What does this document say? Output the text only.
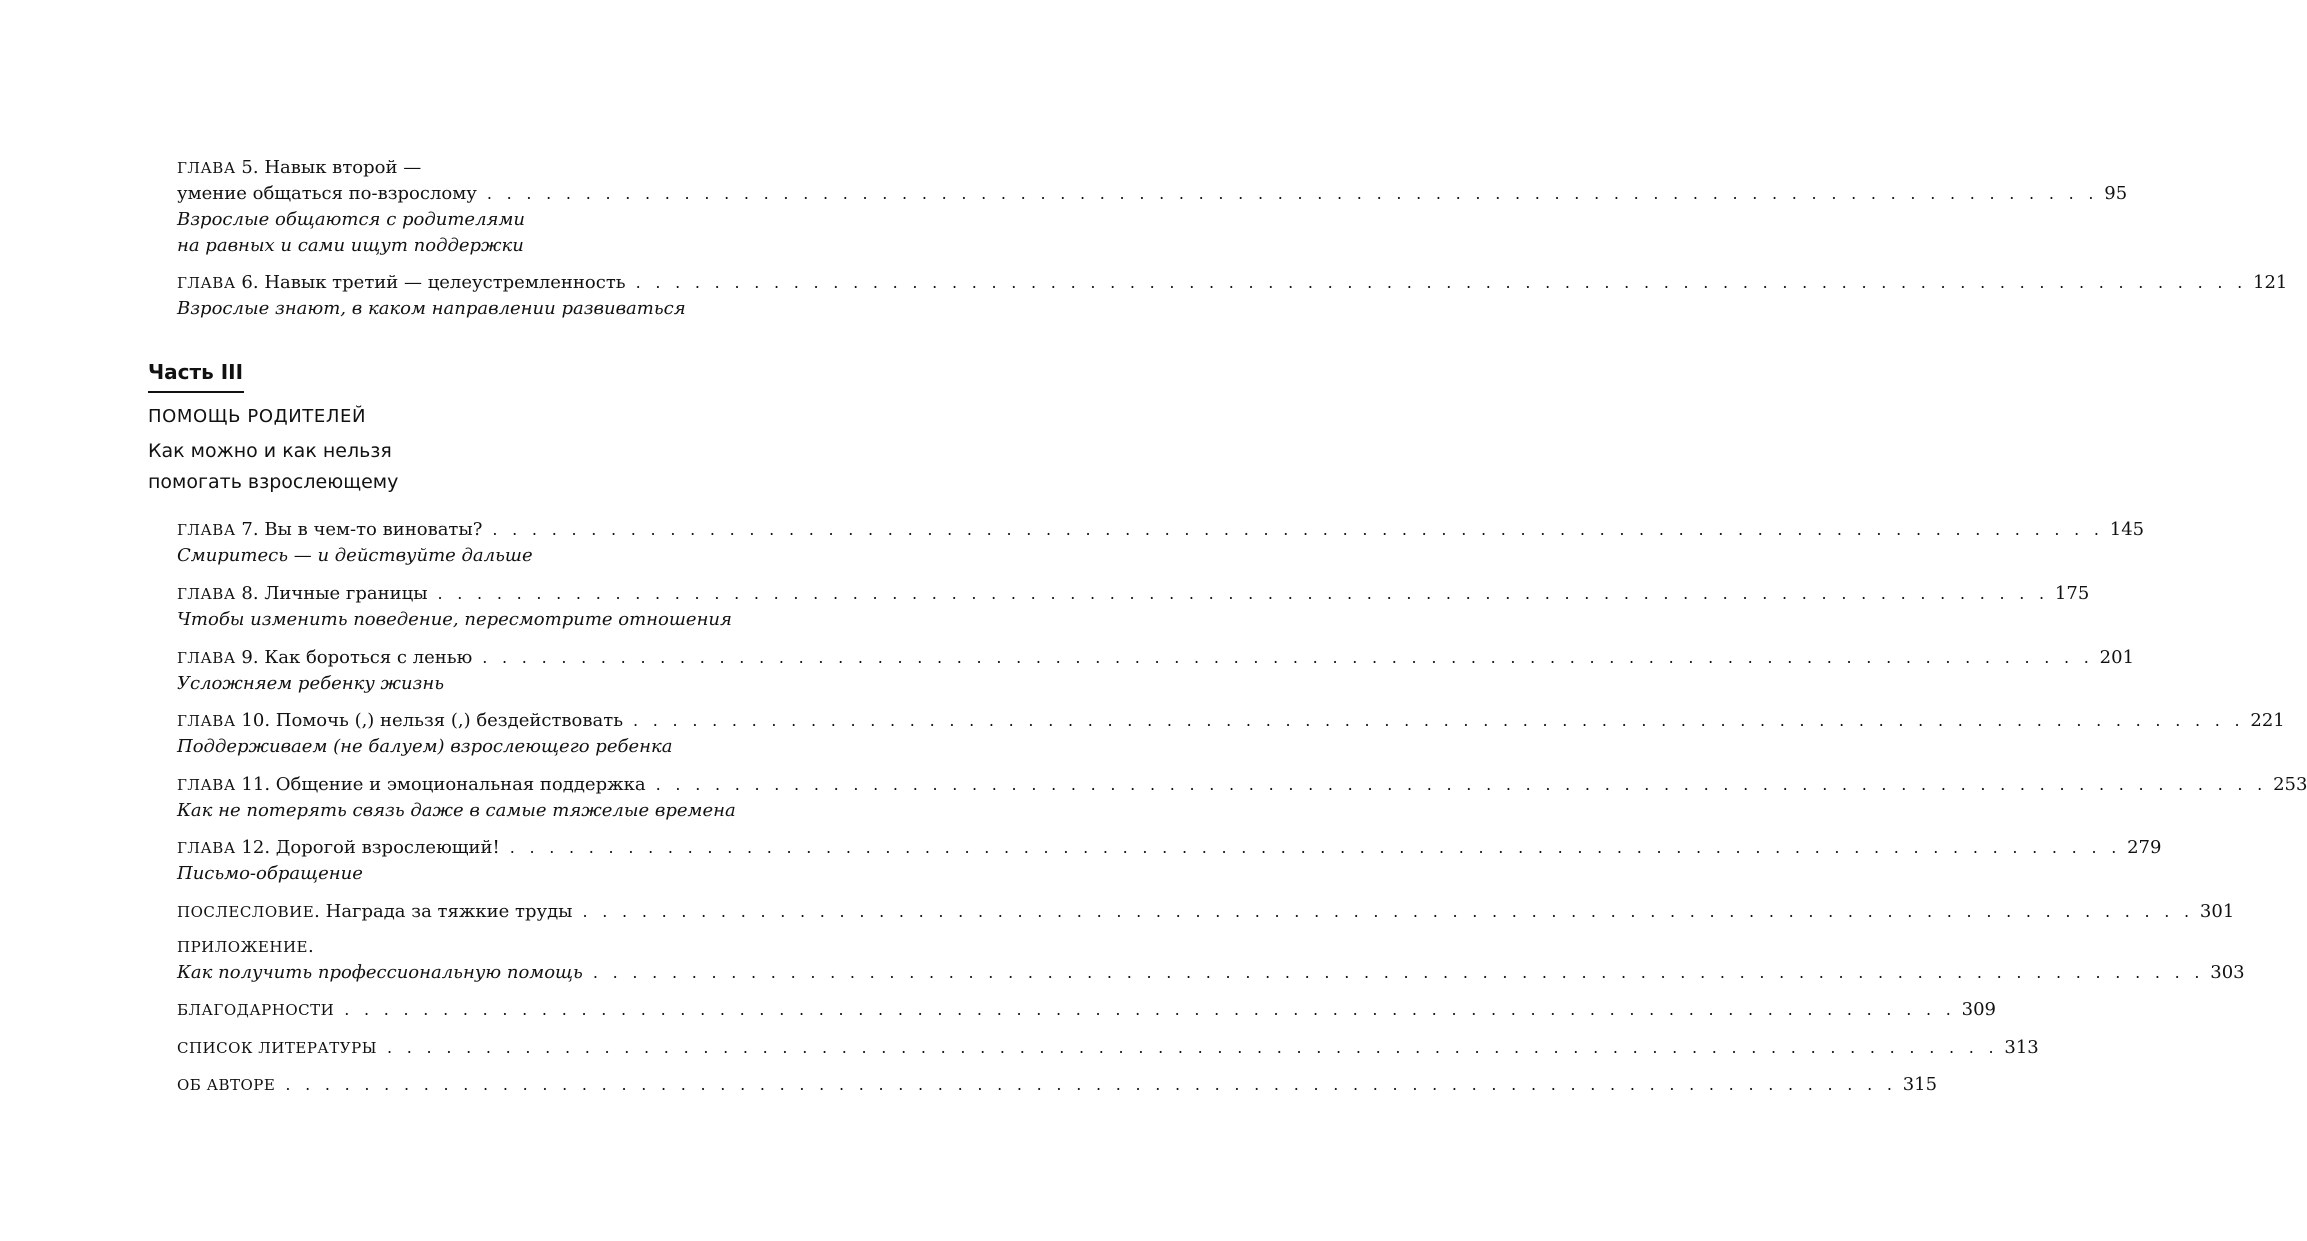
ГЛАВА 5. Навык второй —
умение общаться по-взрослому . . . . . . . . . . . . . . . . . . . . . . . . . . . . . . . . . . . . . . . . . . . . . . . . . . . . . . . . . . . . . . . . . . . . . . . . . . . . . . . . . . 95
Взрослые общаются с родителями
на равных и сами ищут поддержки
ГЛАВА 6. Навык третий — целеустремленность . . . . . . . . . . . . . . . . . . . . . . . . . . . . . . . . . . . . . . . . . . . . . . . . . . . . . . . . . . . . . . . . . . . . . . . . . . . . . . . . . . 121
Взрослые знают, в каком направлении развиваться
Часть III
ПОМОЩЬ РОДИТЕЛЕЙ
Как можно и как нельзя
помогать взрослеющему
ГЛАВА 7. Вы в чем-то виноваты? . . . . . . . . . . . . . . . . . . . . . . . . . . . . . . . . . . . . . . . . . . . . . . . . . . . . . . . . . . . . . . . . . . . . . . . . . . . . . . . . . . 145
Смиритесь — и действуйте дальше
ГЛАВА 8. Личные границы . . . . . . . . . . . . . . . . . . . . . . . . . . . . . . . . . . . . . . . . . . . . . . . . . . . . . . . . . . . . . . . . . . . . . . . . . . . . . . . . . . 175
Чтобы изменить поведение, пересмотрите отношения
ГЛАВА 9. Как бороться с ленью . . . . . . . . . . . . . . . . . . . . . . . . . . . . . . . . . . . . . . . . . . . . . . . . . . . . . . . . . . . . . . . . . . . . . . . . . . . . . . . . . . 201
Усложняем ребенку жизнь
ГЛАВА 10. Помочь (,) нельзя (,) бездействовать . . . . . . . . . . . . . . . . . . . . . . . . . . . . . . . . . . . . . . . . . . . . . . . . . . . . . . . . . . . . . . . . . . . . . . . . . . . . . . . . . . 221
Поддерживаем (не балуем) взрослеющего ребенка
ГЛАВА 11. Общение и эмоциональная поддержка . . . . . . . . . . . . . . . . . . . . . . . . . . . . . . . . . . . . . . . . . . . . . . . . . . . . . . . . . . . . . . . . . . . . . . . . . . . . . . . . . . 253
Как не потерять связь даже в самые тяжелые времена
ГЛАВА 12. Дорогой взрослеющий! . . . . . . . . . . . . . . . . . . . . . . . . . . . . . . . . . . . . . . . . . . . . . . . . . . . . . . . . . . . . . . . . . . . . . . . . . . . . . . . . . . 279
Письмо-обращение
ПОСЛЕСЛОВИЕ. Награда за тяжкие труды . . . . . . . . . . . . . . . . . . . . . . . . . . . . . . . . . . . . . . . . . . . . . . . . . . . . . . . . . . . . . . . . . . . . . . . . . . . . . . . . . . 301
ПРИЛОЖЕНИЕ.
Как получить профессиональную помощь . . . . . . . . . . . . . . . . . . . . . . . . . . . . . . . . . . . . . . . . . . . . . . . . . . . . . . . . . . . . . . . . . . . . . . . . . . . . . . . . . . 303
БЛАГОДАРНОСТИ . . . . . . . . . . . . . . . . . . . . . . . . . . . . . . . . . . . . . . . . . . . . . . . . . . . . . . . . . . . . . . . . . . . . . . . . . . . . . . . . . . 309
СПИСОК ЛИТЕРАТУРЫ . . . . . . . . . . . . . . . . . . . . . . . . . . . . . . . . . . . . . . . . . . . . . . . . . . . . . . . . . . . . . . . . . . . . . . . . . . . . . . . . . . 313
ОБ АВТОРЕ . . . . . . . . . . . . . . . . . . . . . . . . . . . . . . . . . . . . . . . . . . . . . . . . . . . . . . . . . . . . . . . . . . . . . . . . . . . . . . . . . . 315
